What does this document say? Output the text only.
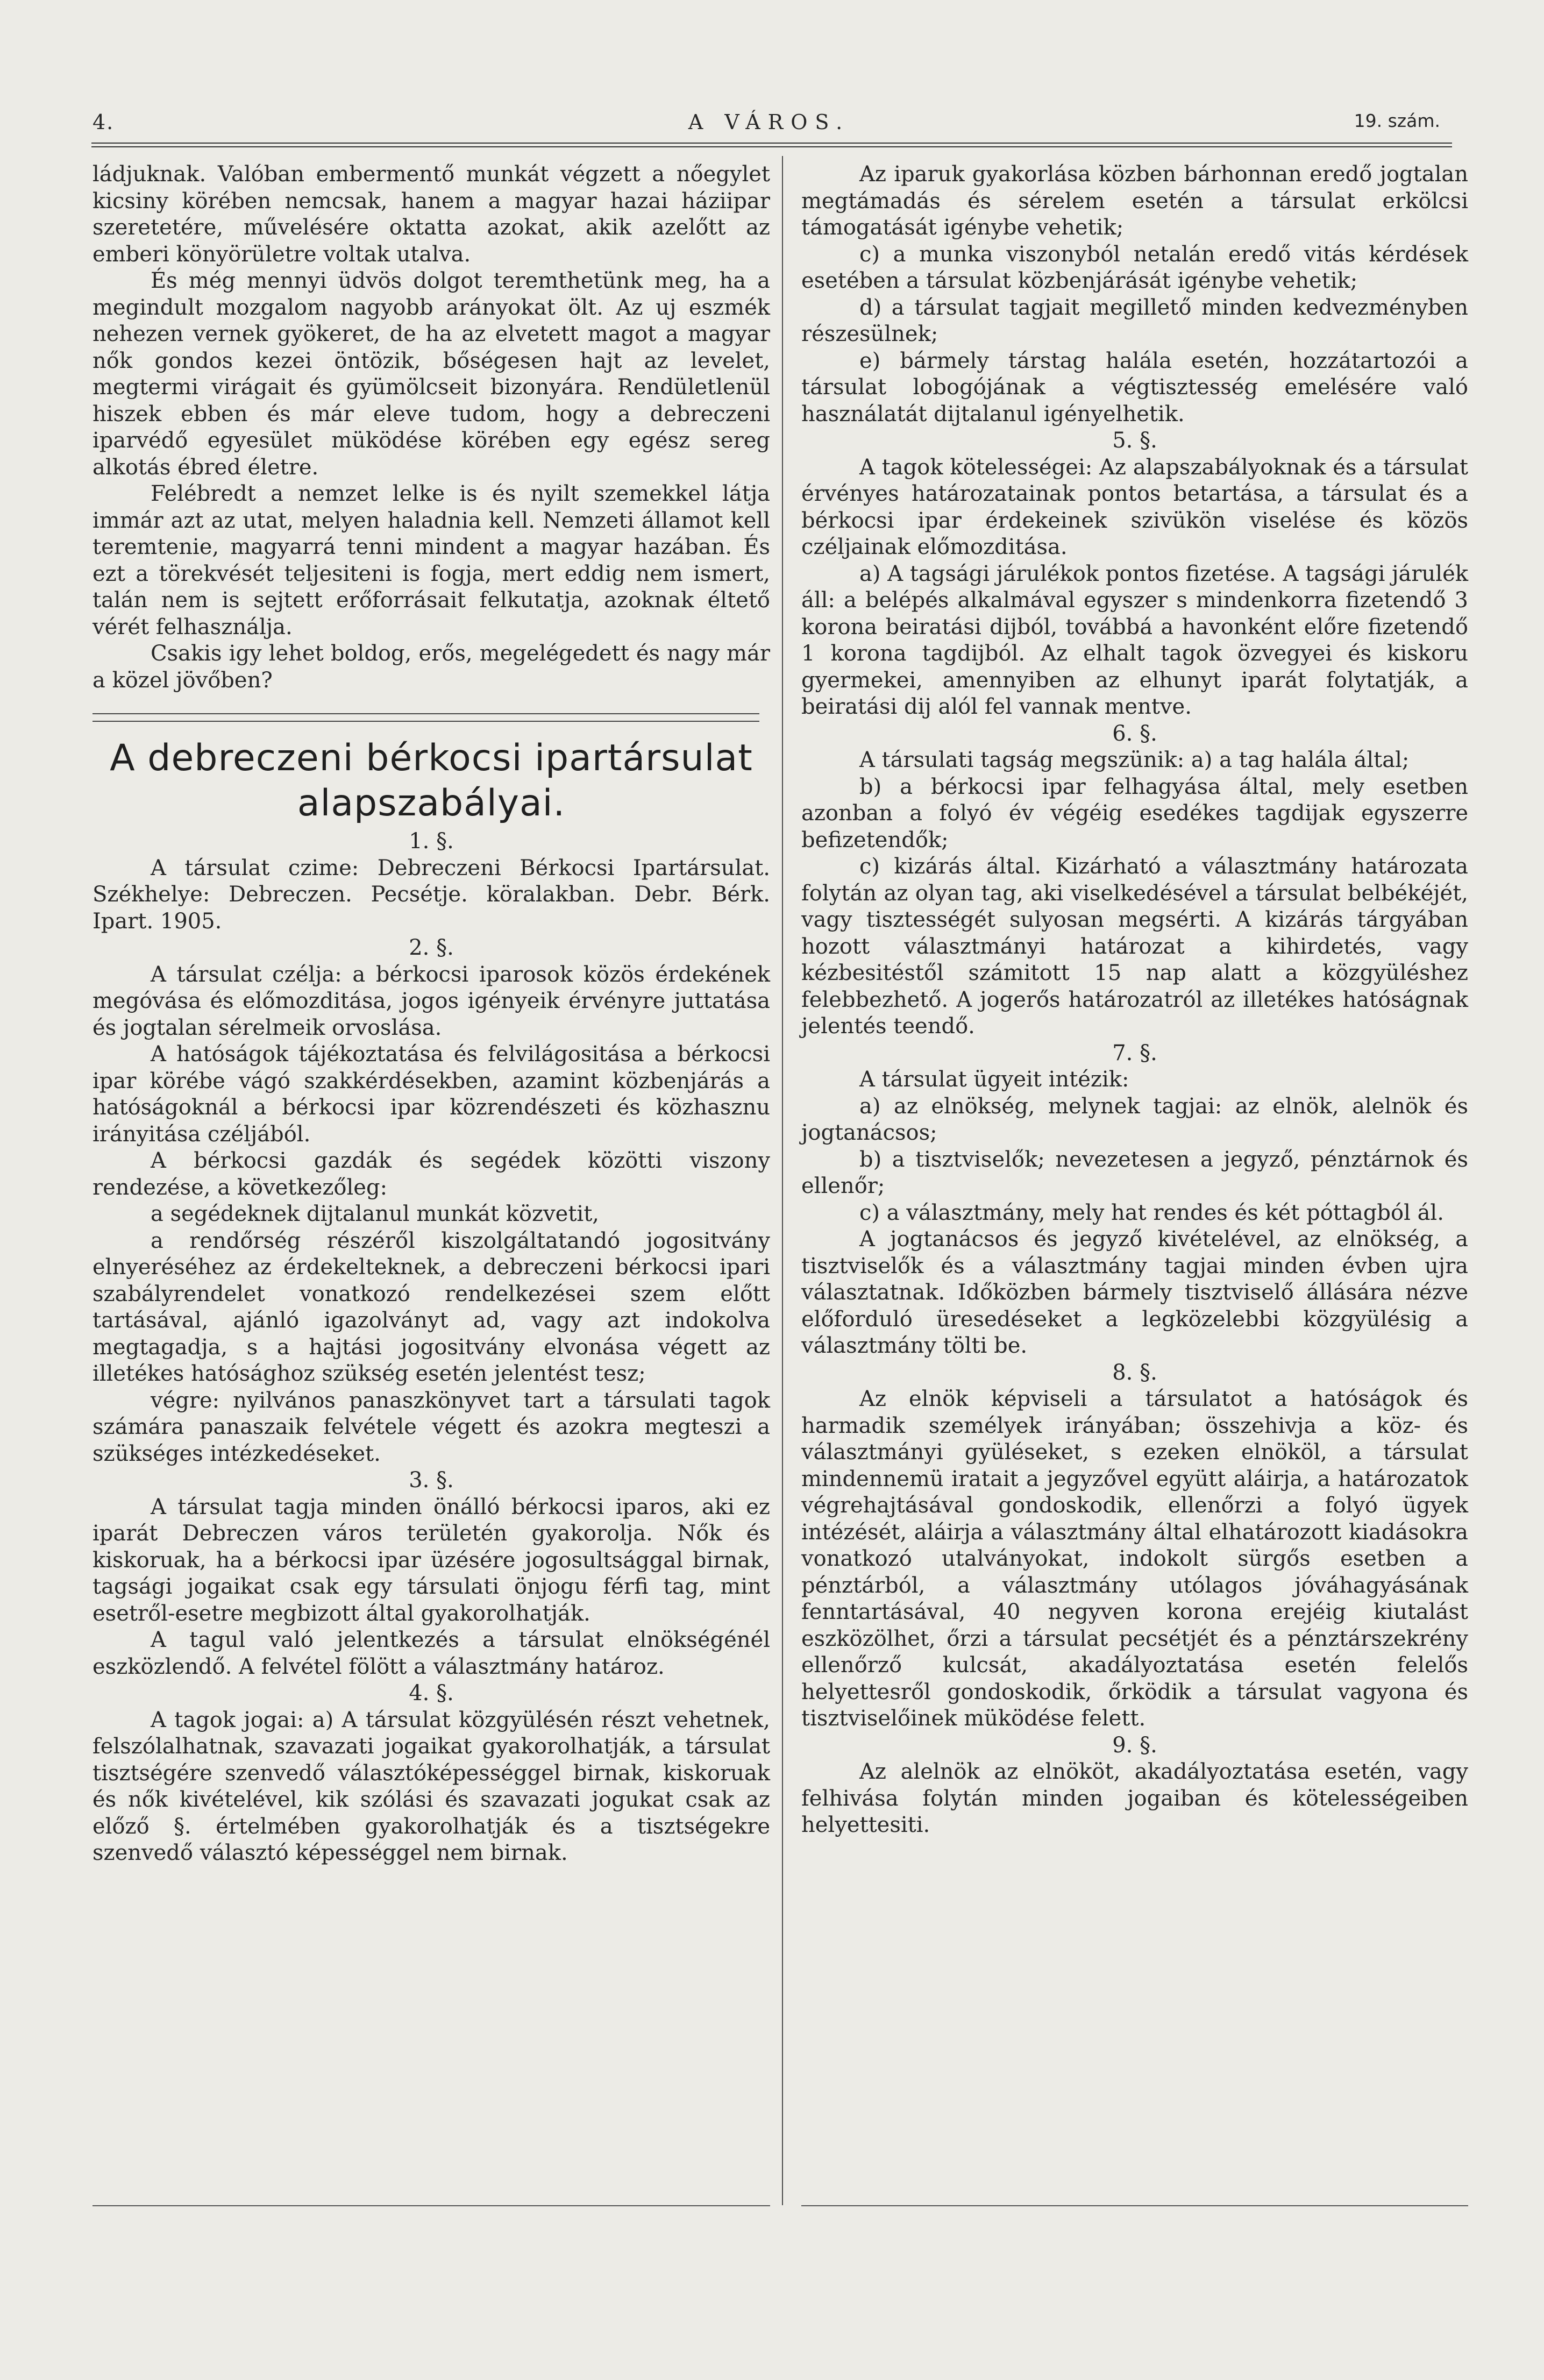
4.	A VÁROS.	19. szám.

ládjuknak. Valóban embermentő munkát végzett a nőegylet kicsiny körében nemcsak, hanem a magyar hazai háziipar szeretetére, művelésére oktatta azokat, akik azelőtt az emberi könyörületre voltak utalva.

És még mennyi üdvös dolgot teremthetünk meg, ha a megindult mozgalom nagyobb arányokat ölt. Az uj eszmék nehezen vernek gyökeret, de ha az elvetett magot a magyar nők gondos kezei öntözik, bőségesen hajt az levelet, megtermi virágait és gyümölcseit bizonyára. Rendületlenül hiszek ebben és már eleve tudom, hogy a debreczeni iparvédő egyesület müködése körében egy egész sereg alkotás ébred életre.

Felébredt a nemzet lelke is és nyilt szemekkel látja immár azt az utat, melyen haladnia kell. Nemzeti államot kell teremtenie, magyarrá tenni mindent a magyar hazában. És ezt a törekvését teljesiteni is fogja, mert eddig nem ismert, talán nem is sejtett erőforrásait felkutatja, azoknak éltető vérét felhasználja.

Csakis igy lehet boldog, erős, megelégedett és nagy már a közel jövőben?

A debreczeni bérkocsi ipartársulat
alapszabályai.

1. §.

A társulat czime: Debreczeni Bérkocsi Ipartársulat. Székhelye: Debreczen. Pecsétje. köralakban. Debr. Bérk. Ipart. 1905.

2. §.

A társulat czélja: a bérkocsi iparosok közös érdekének megóvása és előmozditása, jogos igényeik érvényre juttatása és jogtalan sérelmeik orvoslása.

A hatóságok tájékoztatása és felvilágositása a bérkocsi ipar körébe vágó szakkérdésekben, azamint közbenjárás a hatóságoknál a bérkocsi ipar közrendészeti és közhasznu irányitása czéljából.

A bérkocsi gazdák és segédek közötti viszony rendezése, a következőleg:

a segédeknek dijtalanul munkát közvetit,

a rendőrség részéről kiszolgáltatandó jogositvány elnyeréséhez az érdekelteknek, a debreczeni bérkocsi ipari szabályrendelet vonatkozó rendelkezései szem előtt tartásával, ajánló igazolványt ad, vagy azt indokolva megtagadja, s a hajtási jogositvány elvonása végett az illetékes hatósághoz szükség esetén jelentést tesz;

végre: nyilvános panaszkönyvet tart a társulati tagok számára panaszaik felvétele végett és azokra megteszi a szükséges intézkedéseket.

3. §.

A társulat tagja minden önálló bérkocsi iparos, aki ez iparát Debreczen város területén gyakorolja. Nők és kiskoruak, ha a bérkocsi ipar üzésére jogosultsággal birnak, tagsági jogaikat csak egy társulati önjogu férfi tag, mint esetről-esetre megbizott által gyakorolhatják.

A tagul való jelentkezés a társulat elnökségénél eszközlendő. A felvétel fölött a választmány határoz.

4. §.

A tagok jogai: a) A társulat közgyülésén részt vehetnek, felszólalhatnak, szavazati jogaikat gyakorolhatják, a társulat tisztségére szenvedő választóképességgel birnak, kiskoruak és nők kivételével, kik szólási és szavazati jogukat csak az előző §. értelmében gyakorolhatják és a tisztségekre szenvedő választó képességgel nem birnak.

Az iparuk gyakorlása közben bárhonnan eredő jogtalan megtámadás és sérelem esetén a társulat erkölcsi támogatását igénybe vehetik;

c) a munka viszonyból netalán eredő vitás kérdések esetében a társulat közbenjárását igénybe vehetik;

d) a társulat tagjait megillető minden kedvezményben részesülnek;

e) bármely társtag halála esetén, hozzátartozói a társulat lobogójának a végtisztesség emelésére való használatát dijtalanul igényelhetik.

5. §.

A tagok kötelességei: Az alapszabályoknak és a társulat érvényes határozatainak pontos betartása, a társulat és a bérkocsi ipar érdekeinek szivükön viselése és közös czéljainak előmozditása.

a) A tagsági járulékok pontos fizetése. A tagsági járulék áll: a belépés alkalmával egyszer s mindenkorra fizetendő 3 korona beiratási dijból, továbbá a havonként előre fizetendő 1 korona tagdijból. Az elhalt tagok özvegyei és kiskoru gyermekei, amennyiben az elhunyt iparát folytatják, a beiratási dij alól fel vannak mentve.

6. §.

A társulati tagság megszünik: a) a tag halála által;

b) a bérkocsi ipar felhagyása által, mely esetben azonban a folyó év végéig esedékes tagdijak egyszerre befizetendők;

c) kizárás által. Kizárható a választmány határozata folytán az olyan tag, aki viselkedésével a társulat belbékéjét, vagy tisztességét sulyosan megsérti. A kizárás tárgyában hozott választmányi határozat a kihirdetés, vagy kézbesitéstől számitott 15 nap alatt a közgyüléshez felebbezhető. A jogerős határozatról az illetékes hatóságnak jelentés teendő.

7. §.

A társulat ügyeit intézik:

a) az elnökség, melynek tagjai: az elnök, alelnök és jogtanácsos;

b) a tisztviselők; nevezetesen a jegyző, pénztárnok és ellenőr;

c) a választmány, mely hat rendes és két póttagból ál.

A jogtanácsos és jegyző kivételével, az elnökség, a tisztviselők és a választmány tagjai minden évben ujra választatnak. Időközben bármely tisztviselő állására nézve előforduló üresedéseket a legközelebbi közgyülésig a választmány tölti be.

8. §.

Az elnök képviseli a társulatot a hatóságok és harmadik személyek irányában; összehivja a köz- és választmányi gyüléseket, s ezeken elnököl, a társulat mindennemü iratait a jegyzővel együtt aláirja, a határozatok végrehajtásával gondoskodik, ellenőrzi a folyó ügyek intézését, aláirja a választmány által elhatározott kiadásokra vonatkozó utalványokat, indokolt sürgős esetben a pénztárból, a választmány utólagos jóváhagyásának fenntartásával, 40 negyven korona erejéig kiutalást eszközölhet, őrzi a társulat pecsétjét és a pénztárszekrény ellenőrző kulcsát, akadályoztatása esetén felelős helyettesről gondoskodik, őrködik a társulat vagyona és tisztviselőinek müködése felett.

9. §.

Az alelnök az elnököt, akadályoztatása esetén, vagy felhivása folytán minden jogaiban és kötelességeiben helyettesiti.
